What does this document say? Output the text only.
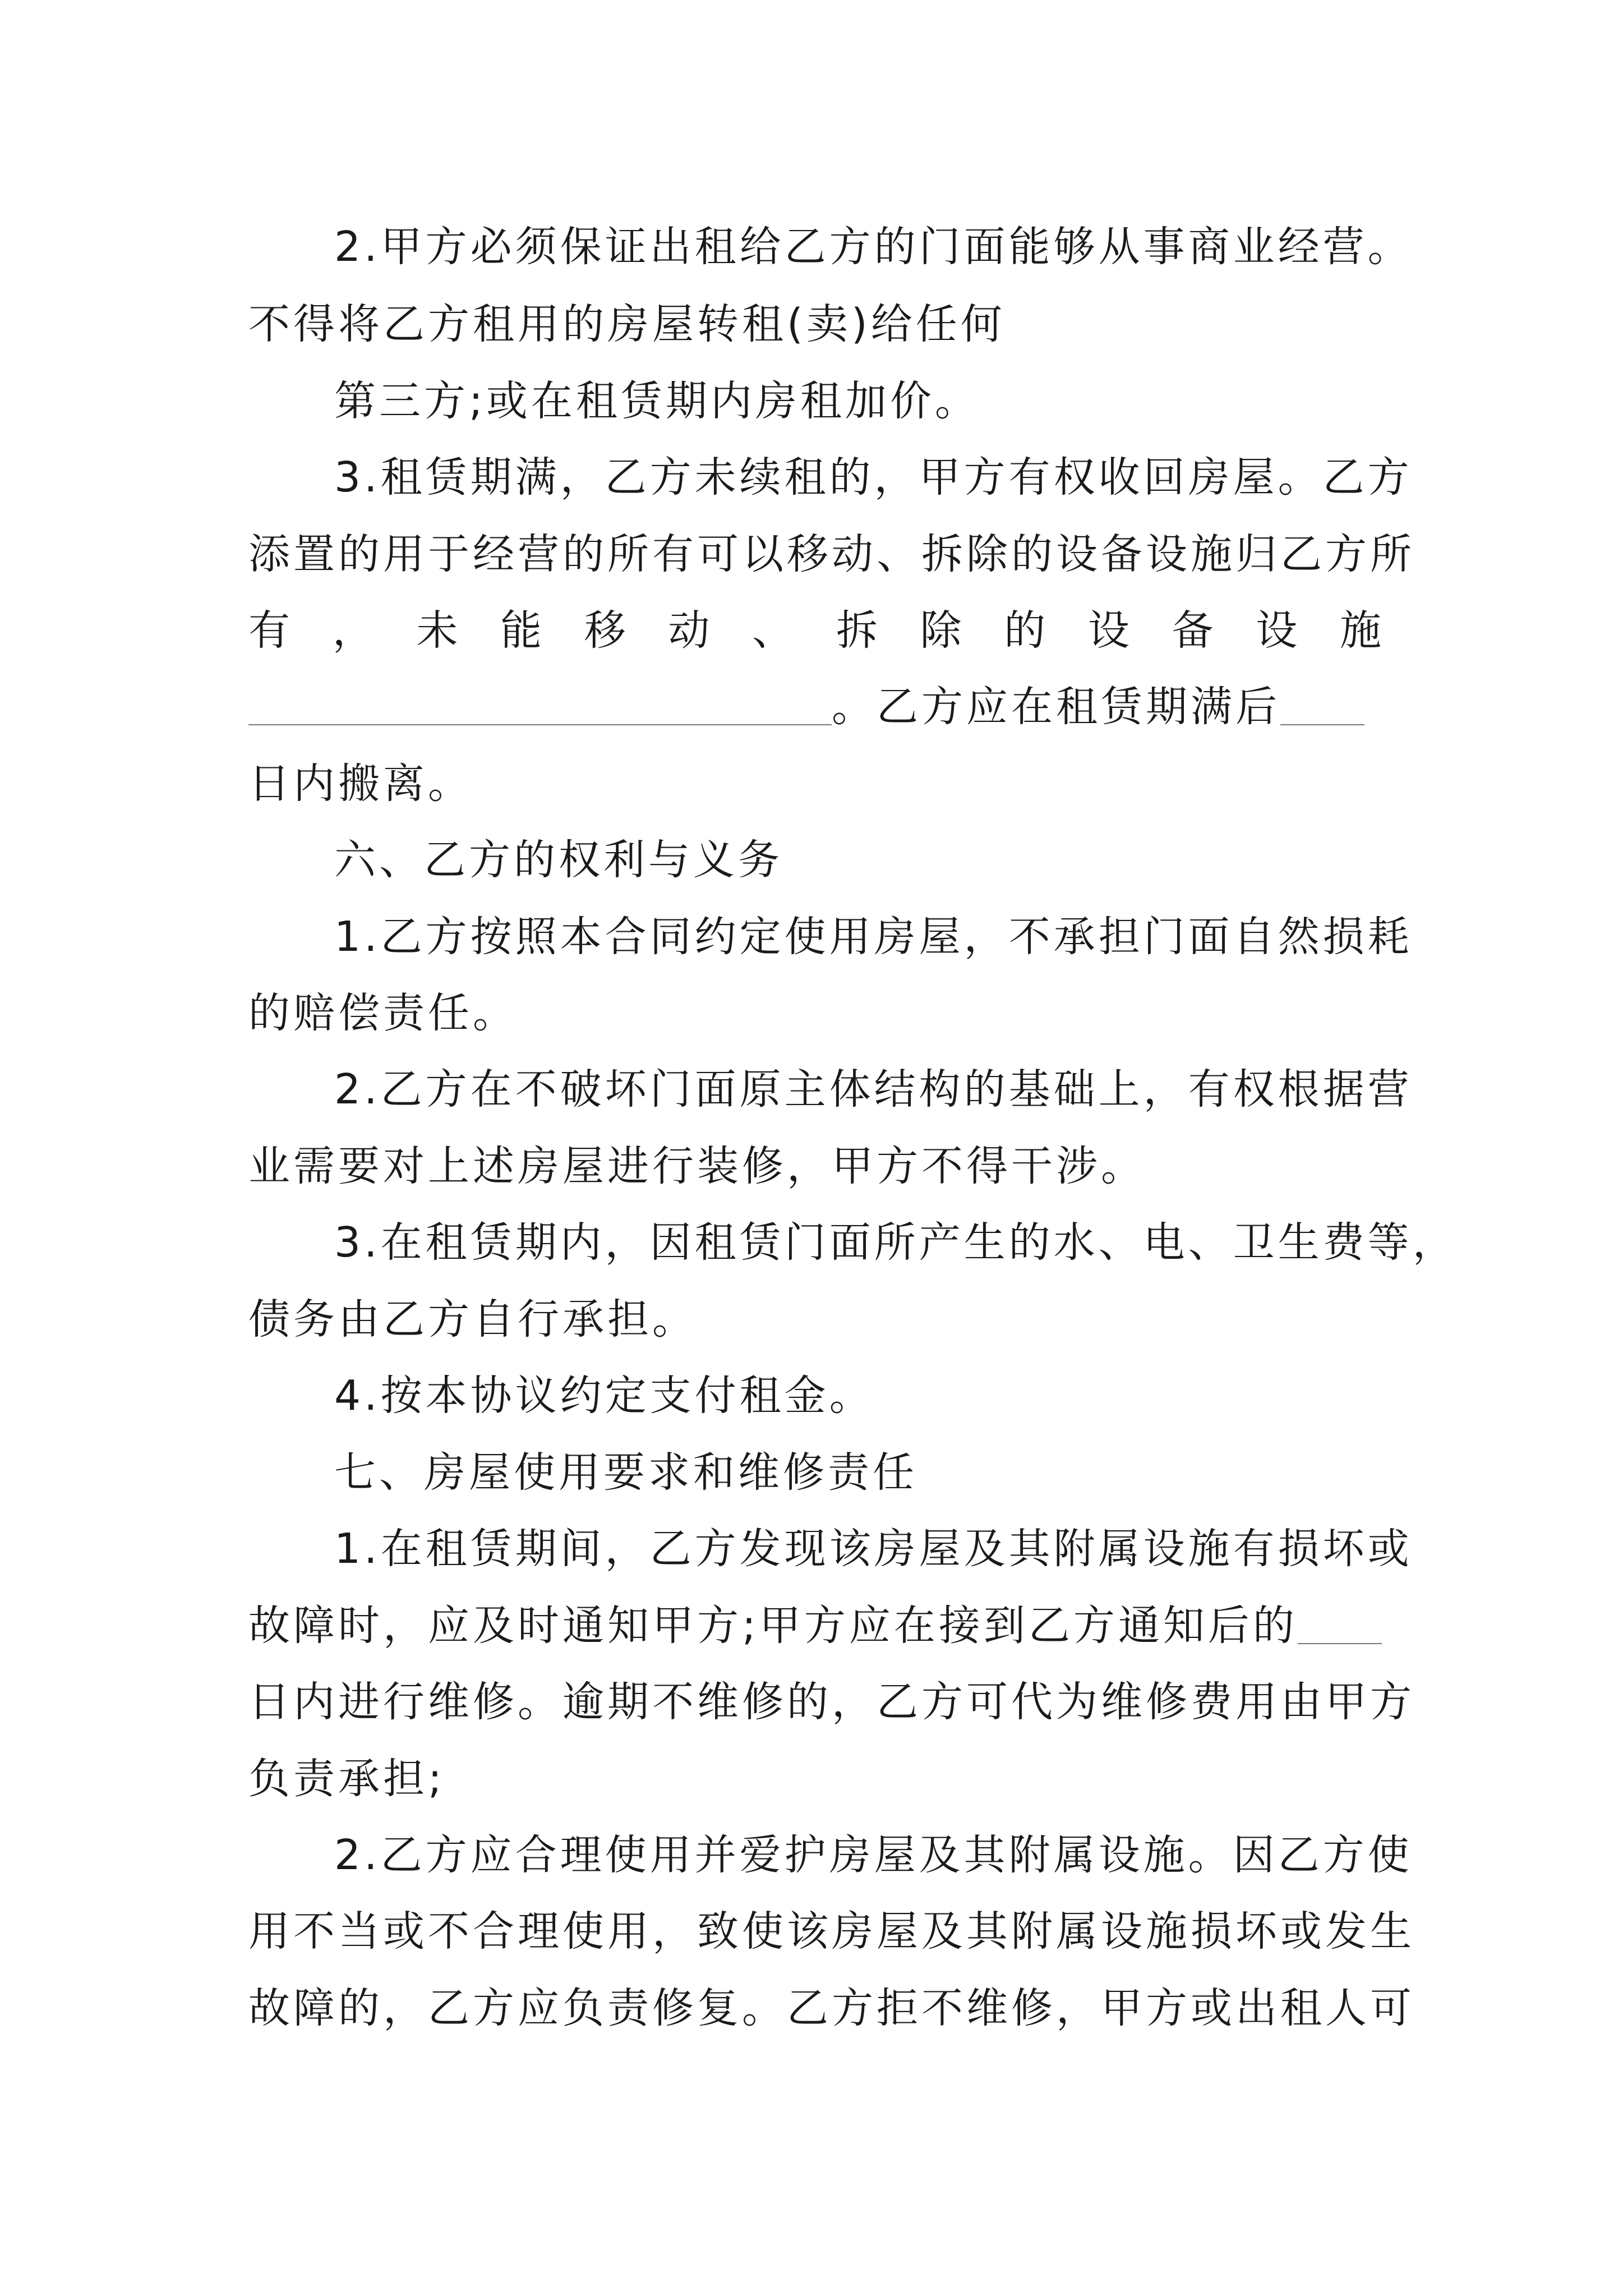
2.甲方必须保证出租给乙方的门面能够从事商业经营。
不得将乙方租用的房屋转租(卖)给任何
第三方;或在租赁期内房租加价。
3.租赁期满，乙方未续租的，甲方有权收回房屋。乙方
添置的用于经营的所有可以移动、拆除的设备设施归乙方所
有 ， 未 能 移 动 、 拆 除 的 设 备 设 施
。乙方应在租赁期满后
日内搬离。
六、乙方的权利与义务
1.乙方按照本合同约定使用房屋，不承担门面自然损耗
的赔偿责任。
2.乙方在不破坏门面原主体结构的基础上，有权根据营
业需要对上述房屋进行装修，甲方不得干涉。
3.在租赁期内，因租赁门面所产生的水、电、卫生费等，
债务由乙方自行承担。
4.按本协议约定支付租金。
七、房屋使用要求和维修责任
1.在租赁期间，乙方发现该房屋及其附属设施有损坏或
故障时，应及时通知甲方;甲方应在接到乙方通知后的
日内进行维修。逾期不维修的，乙方可代为维修费用由甲方
负责承担;
2.乙方应合理使用并爱护房屋及其附属设施。因乙方使
用不当或不合理使用，致使该房屋及其附属设施损坏或发生
故障的，乙方应负责修复。乙方拒不维修，甲方或出租人可
